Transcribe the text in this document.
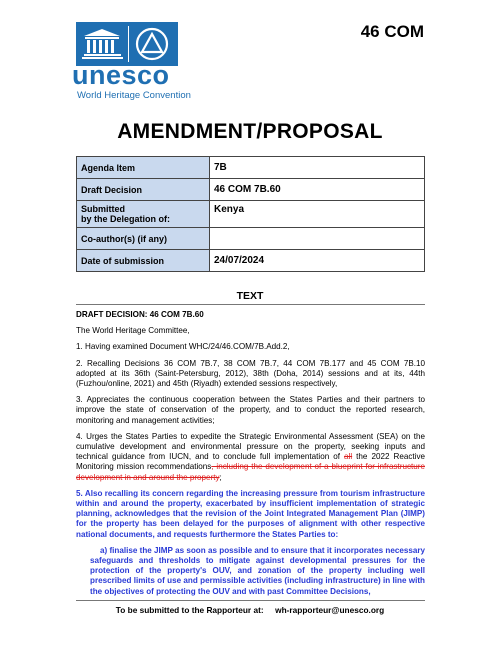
46 COM
unesco
World Heritage Convention
AMENDMENT/PROPOSAL
Agenda Item	7B
Draft Decision	46 COM 7B.60
Submitted
by the Delegation of:	Kenya
Co-author(s) (if any)	
Date of submission	24/07/2024
TEXT

DRAFT DECISION: 46 COM 7B.60

The World Heritage Committee,

1. Having examined Document WHC/24/46.COM/7B.Add.2,

2. Recalling Decisions 36 COM 7B.7, 38 COM 7B.7, 44 COM 7B.177 and 45 COM 7B.10 adopted at its 36th (Saint-Petersburg, 2012), 38th (Doha, 2014) sessions and at its, 44th (Fuzhou/online, 2021) and 45th (Riyadh) extended sessions respectively,

3. Appreciates the continuous cooperation between the States Parties and their partners to improve the state of conservation of the property, and to conduct the reported research, monitoring and management activities;

4. Urges the States Parties to expedite the Strategic Environmental Assessment (SEA) on the cumulative development and environmental pressure on the property, seeking inputs and technical guidance from IUCN, and to conclude full implementation of all the 2022 Reactive Monitoring mission recommendations, including the development of a blueprint for infrastructure development in and around the property;

5. Also recalling its concern regarding the increasing pressure from tourism infrastructure within and around the property, exacerbated by insufficient implementation of strategic planning, acknowledges that the revision of the Joint Integrated Management Plan (JIMP) for the property has been delayed for the purposes of alignment with other respective national documents, and requests furthermore the States Parties to:

a) finalise the JIMP as soon as possible and to ensure that it incorporates necessary safeguards and thresholds to mitigate against developmental pressures for the protection of the property's OUV, and zonation of the property including well prescribed limits of use and permissible activities (including infrastructure) in line with the objectives of protecting the OUV and with past Committee Decisions,

To be submitted to the Rapporteur at: wh-rapporteur@unesco.org
